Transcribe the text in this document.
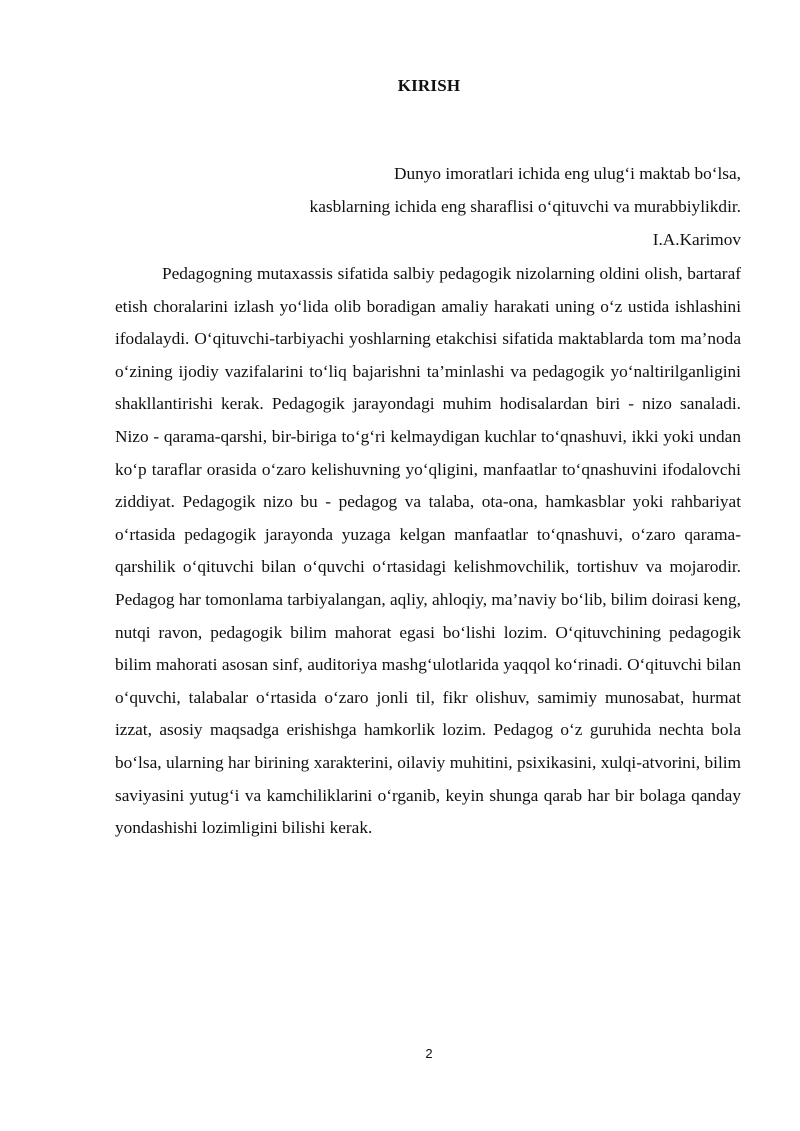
KIRISH
Dunyo imoratlari ichida eng ulug‘i maktab bo‘lsa,
kasblarning ichida eng sharaflisi o‘qituvchi va murabbiylikdir.
I.A.Karimov

Pedagogning mutaxassis sifatida salbiy pedagogik nizolarning oldini olish, bartaraf etish choralarini izlash yo‘lida olib boradigan amaliy harakati uning o‘z ustida ishlashini ifodalaydi. O‘qituvchi-tarbiyachi yoshlarning etakchisi sifatida maktablarda tom ma’noda o‘zining ijodiy vazifalarini to‘liq bajarishni ta’minlashi va pedagogik yo‘naltirilganligini shakllantirishi kerak. Pedagogik jarayondagi muhim hodisalardan biri - nizo sanaladi. Nizo - qarama-qarshi, bir-biriga to‘g‘ri kelmaydigan kuchlar to‘qnashuvi, ikki yoki undan ko‘p taraflar orasida o‘zaro kelishuvning yo‘qligini, manfaatlar to‘qnashuvini ifodalovchi ziddiyat. Pedagogik nizo bu - pedagog va talaba, ota-ona, hamkasblar yoki rahbariyat o‘rtasida pedagogik jarayonda yuzaga kelgan manfaatlar to‘qnashuvi, o‘zaro qarama-qarshilik o‘qituvchi bilan o‘quvchi o‘rtasidagi kelishmovchilik, tortishuv va mojarodir. Pedagog har tomonlama tarbiyalangan, aqliy, ahloqiy, ma’naviy bo‘lib, bilim doirasi keng, nutqi ravon, pedagogik bilim mahorat egasi bo‘lishi lozim. O‘qituvchining pedagogik bilim mahorati asosan sinf, auditoriya mashg‘ulotlarida yaqqol ko‘rinadi. O‘qituvchi bilan o‘quvchi, talabalar o‘rtasida o‘zaro jonli til, fikr olishuv, samimiy munosabat, hurmat izzat, asosiy maqsadga erishishga hamkorlik lozim. Pedagog o‘z guruhida nechta bola bo‘lsa, ularning har birining xarakterini, oilaviy muhitini, psixikasini, xulqi-atvorini, bilim saviyasini yutug‘i va kamchiliklarini o‘rganib, keyin shunga qarab har bir bolaga qanday yondashishi lozimligini bilishi kerak.

2
